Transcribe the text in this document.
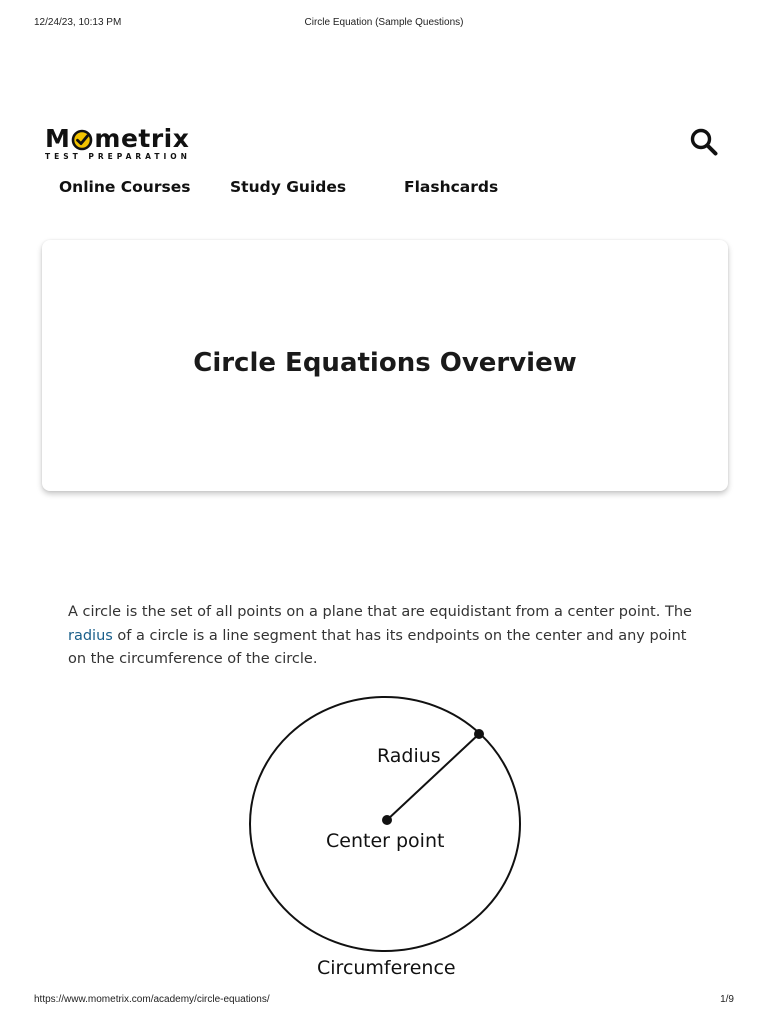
12/24/23, 10:13 PM	Circle Equation (Sample Questions)
M metrix
TEST PREPARATION
Online Courses	Study Guides	Flashcards
Circle Equations Overview

A circle is the set of all points on a plane that are equidistant from a center point. The radius of a circle is a line segment that has its endpoints on the center and any point on the circumference of the circle.

Radius
Center point
Circumference
https://www.mometrix.com/academy/circle-equations/	1/9
